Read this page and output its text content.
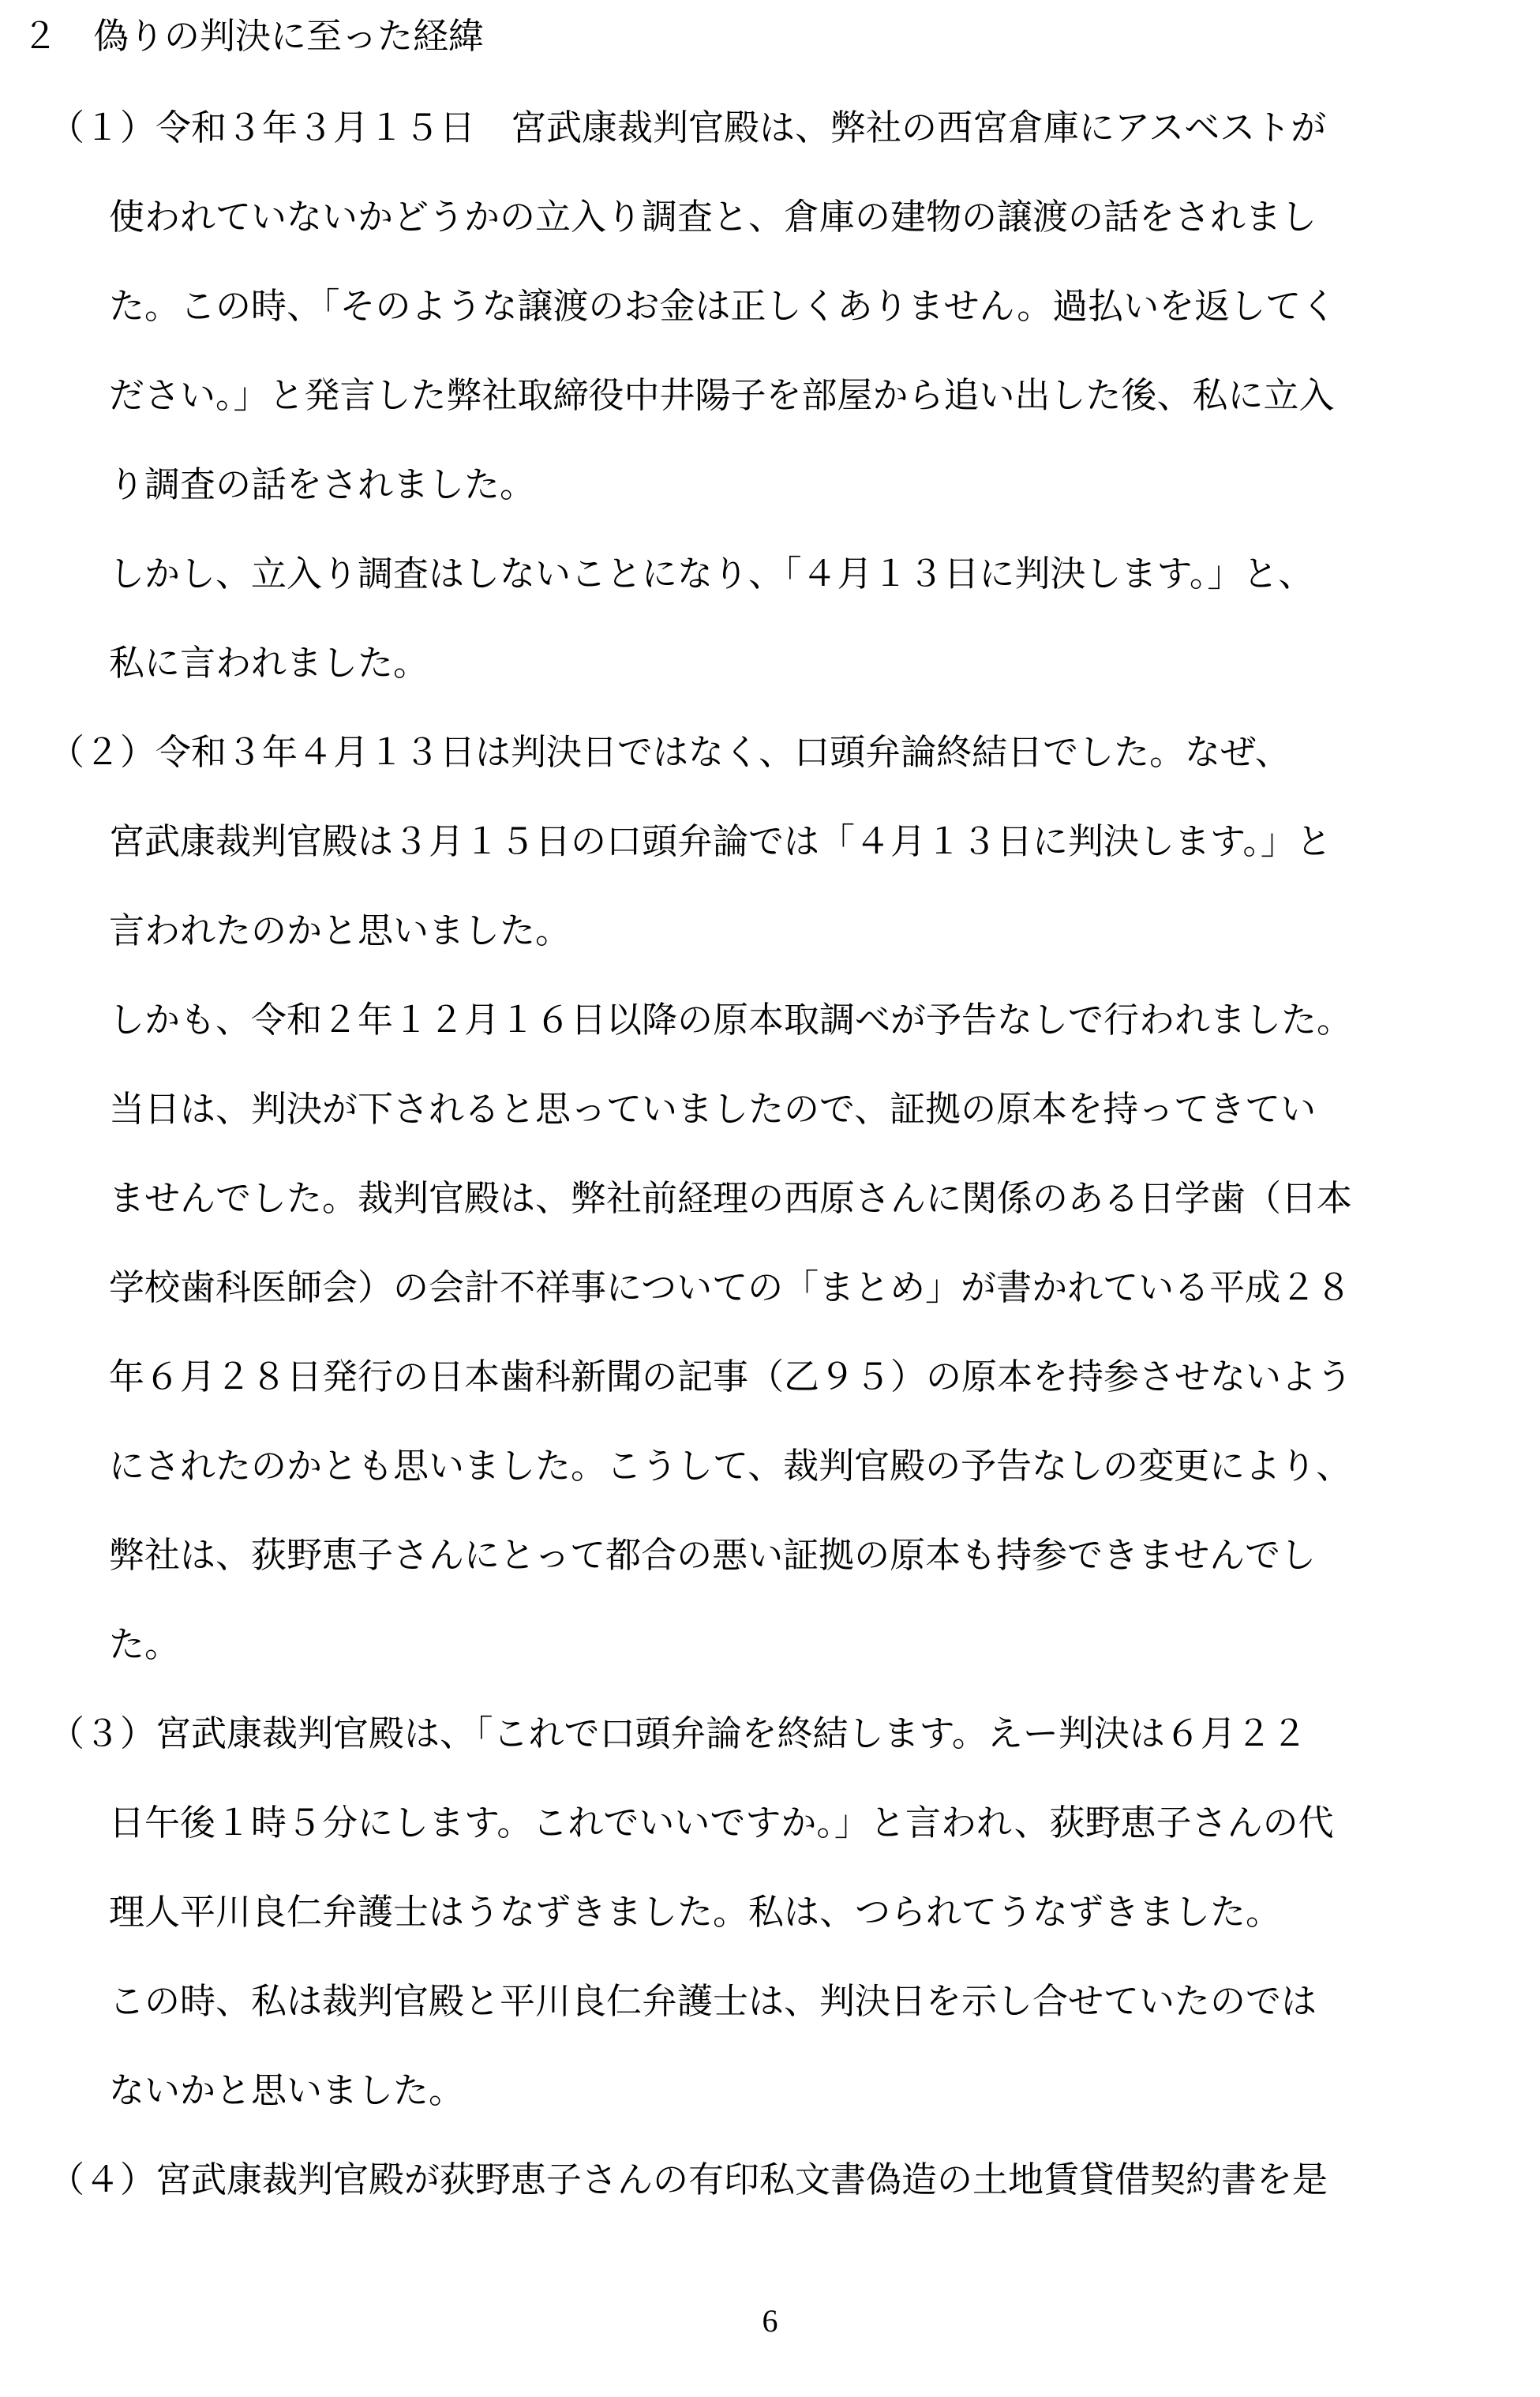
２　偽りの判決に至った経緯
（１）令和３年３月１５日　宮武康裁判官殿は、弊社の西宮倉庫にアスベストが
使われていないかどうかの立入り調査と、倉庫の建物の譲渡の話をされまし
た。この時、「そのような譲渡のお金は正しくありません。過払いを返してく
ださい。」と発言した弊社取締役中井陽子を部屋から追い出した後、私に立入
り調査の話をされました。
しかし、立入り調査はしないことになり、「４月１３日に判決します。」と、
私に言われました。
（２）令和３年４月１３日は判決日ではなく、口頭弁論終結日でした。なぜ、
宮武康裁判官殿は３月１５日の口頭弁論では「４月１３日に判決します。」と
言われたのかと思いました。
しかも、令和２年１２月１６日以降の原本取調べが予告なしで行われました。
当日は、判決が下されると思っていましたので、証拠の原本を持ってきてい
ませんでした。裁判官殿は、弊社前経理の西原さんに関係のある日学歯（日本
学校歯科医師会）の会計不祥事についての「まとめ」が書かれている平成２８
年６月２８日発行の日本歯科新聞の記事（乙９５）の原本を持参させないよう
にされたのかとも思いました。こうして、裁判官殿の予告なしの変更により、
弊社は、荻野恵子さんにとって都合の悪い証拠の原本も持参できませんでし
た。
（３）宮武康裁判官殿は、「これで口頭弁論を終結します。えー判決は６月２２
日午後１時５分にします。これでいいですか。」と言われ、荻野恵子さんの代
理人平川良仁弁護士はうなずきました。私は、つられてうなずきました。
この時、私は裁判官殿と平川良仁弁護士は、判決日を示し合せていたのでは
ないかと思いました。
（４）宮武康裁判官殿が荻野恵子さんの有印私文書偽造の土地賃貸借契約書を是
6
